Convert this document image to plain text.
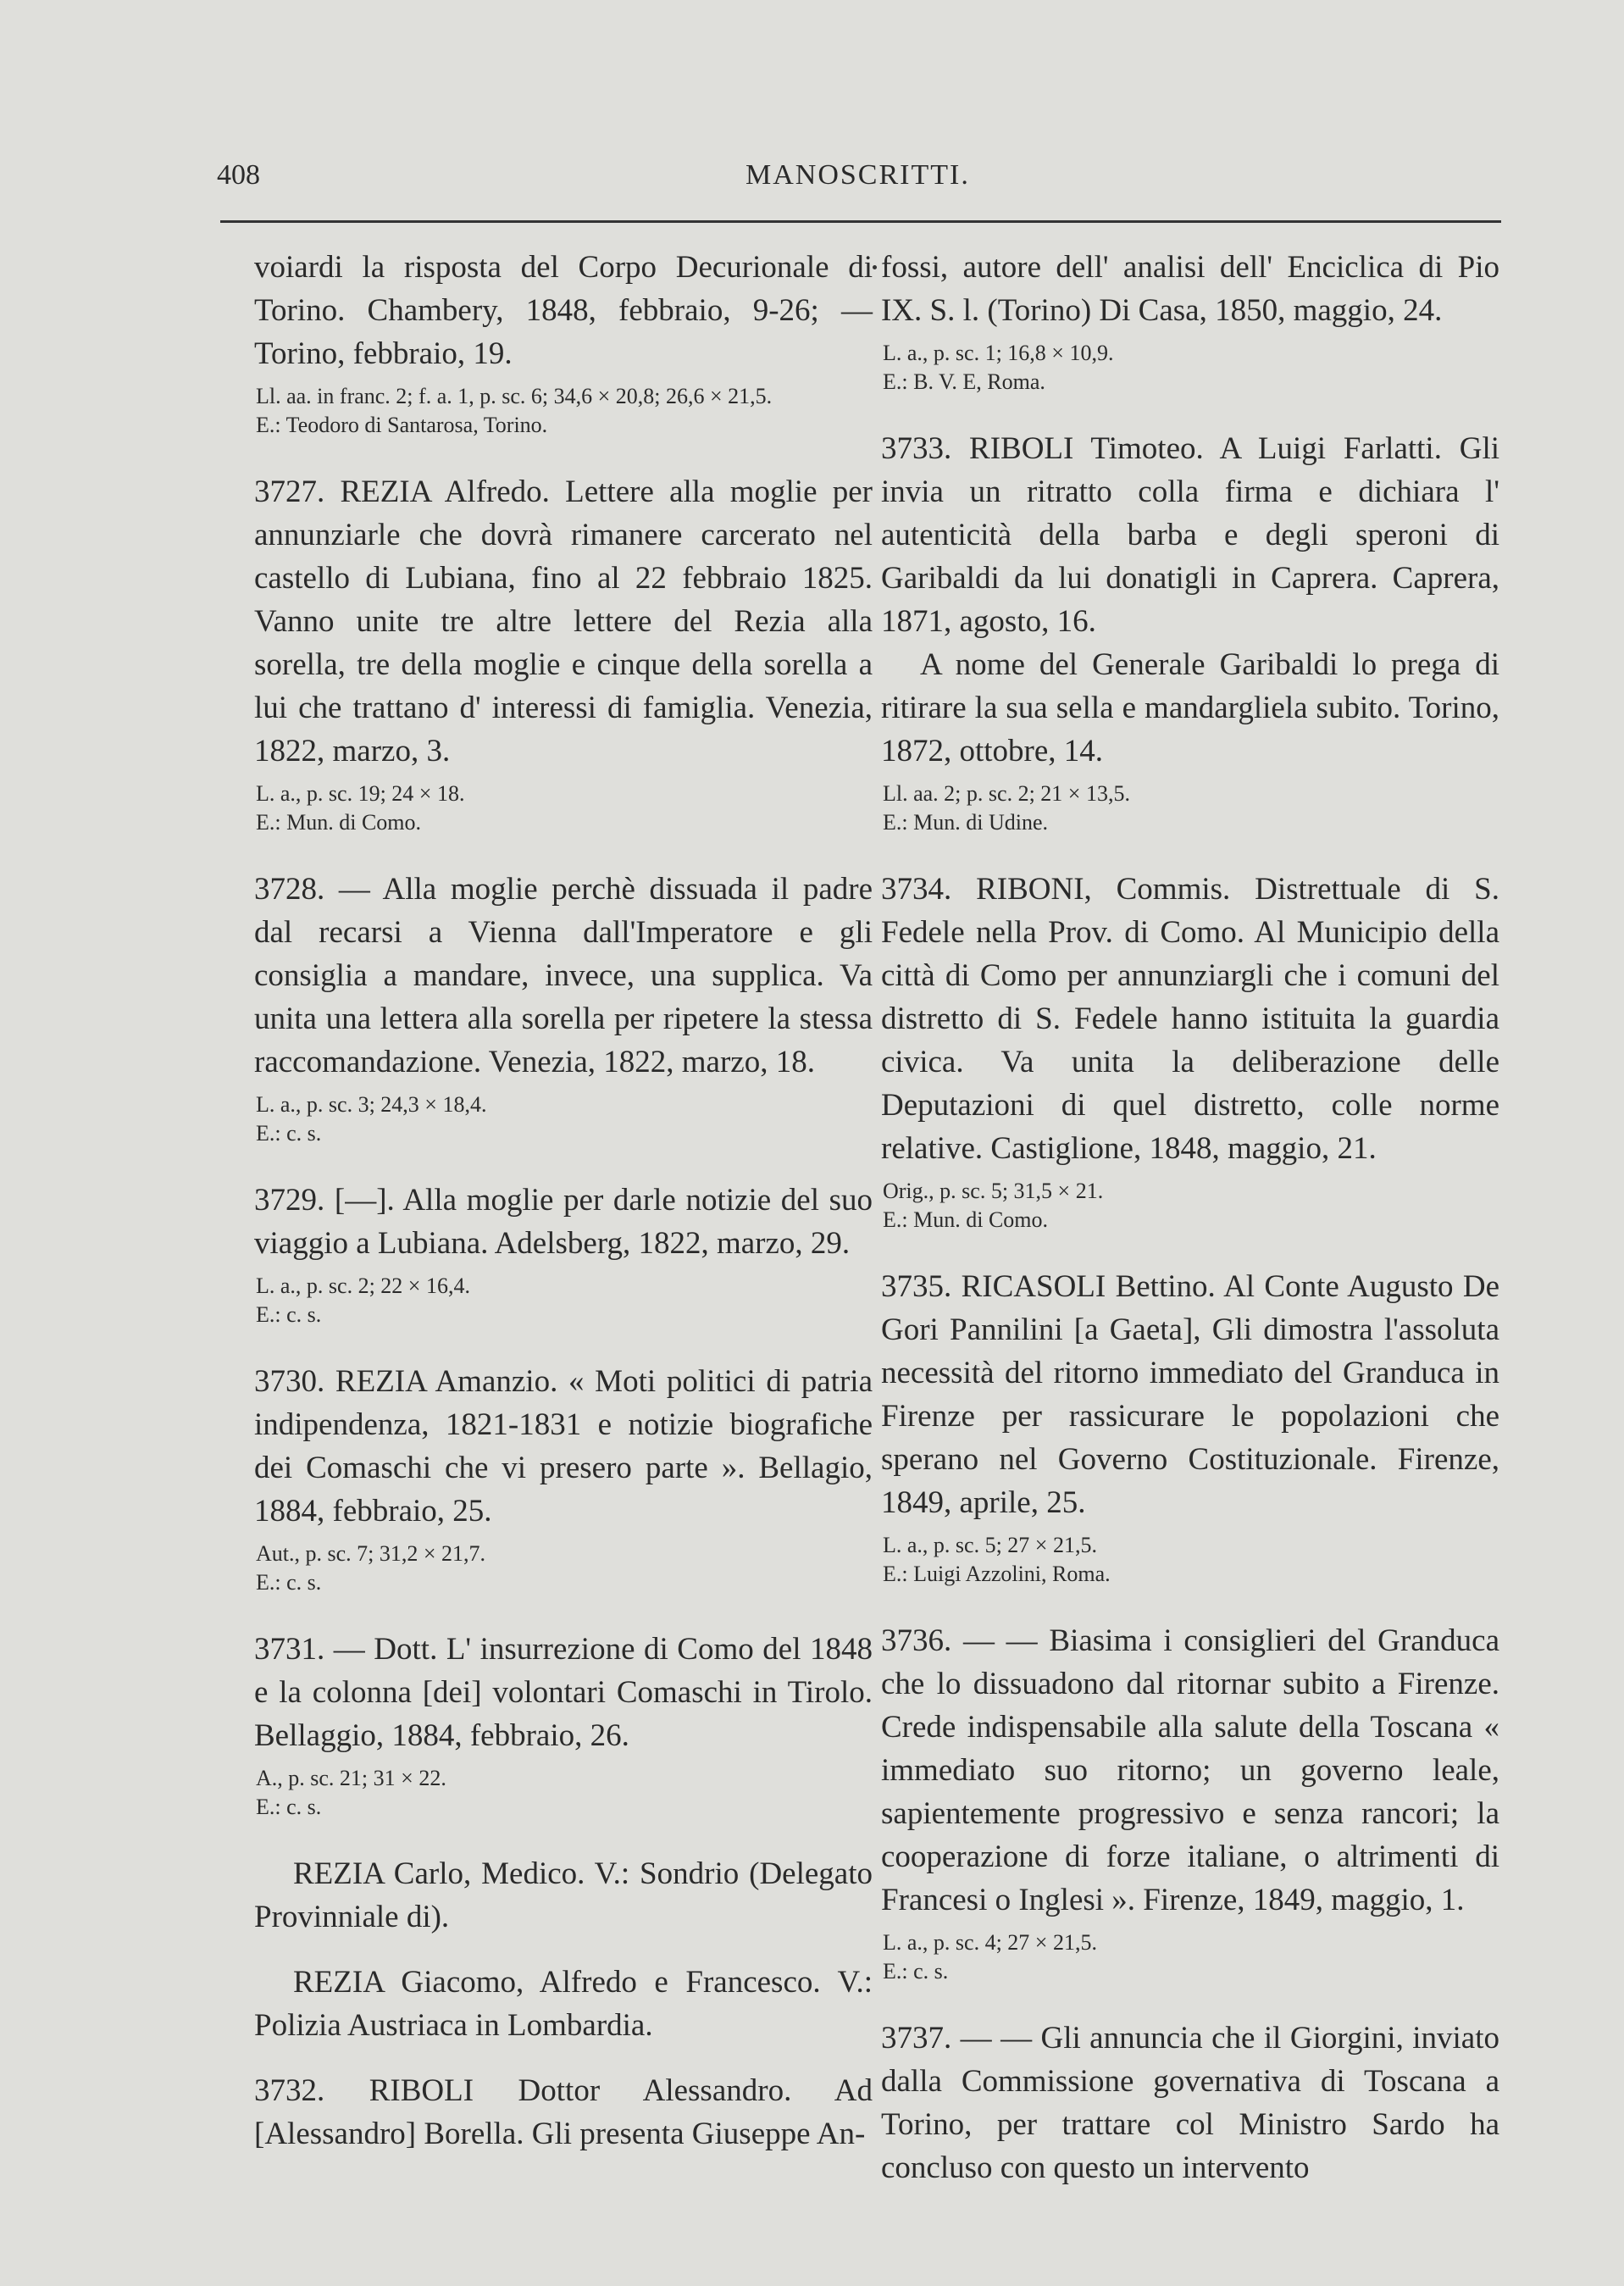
408	MANOSCRITTI.

voiardi la risposta del Corpo Decurionale di Torino. Chambery, 1848, febbraio, 9-26; — Torino, febbraio, 19.

Ll. aa. in franc. 2; f. a. 1, p. sc. 6; 34,6 × 20,8; 26,6 × 21,5.

E.: Teodoro di Santarosa, Torino.

3727. REZIA Alfredo. Lettere alla moglie per annunziarle che dovrà rimanere carcerato nel castello di Lubiana, fino al 22 febbraio 1825. Vanno unite tre altre lettere del Rezia alla sorella, tre della moglie e cinque della sorella a lui che trattano d' interessi di famiglia. Venezia, 1822, marzo, 3.

L. a., p. sc. 19; 24 × 18.

E.: Mun. di Como.

3728. — Alla moglie perchè dissuada il padre dal recarsi a Vienna dall'Imperatore e gli consiglia a mandare, invece, una supplica. Va unita una lettera alla sorella per ripetere la stessa raccomandazione. Venezia, 1822, marzo, 18.

L. a., p. sc. 3; 24,3 × 18,4.

E.: c. s.

3729. [—]. Alla moglie per darle notizie del suo viaggio a Lubiana. Adelsberg, 1822, marzo, 29.

L. a., p. sc. 2; 22 × 16,4.

E.: c. s.

3730. REZIA Amanzio. « Moti politici di patria indipendenza, 1821-1831 e notizie biografiche dei Comaschi che vi presero parte ». Bellagio, 1884, febbraio, 25.

Aut., p. sc. 7; 31,2 × 21,7.

E.: c. s.

3731. — Dott. L' insurrezione di Como del 1848 e la colonna [dei] volontari Comaschi in Tirolo. Bellaggio, 1884, febbraio, 26.

A., p. sc. 21; 31 × 22.

E.: c. s.

REZIA Carlo, Medico. V.: Sondrio (Delegato Provinniale di).

REZIA Giacomo, Alfredo e Francesco. V.: Polizia Austriaca in Lombardia.

3732. RIBOLI Dottor Alessandro. Ad [Alessandro] Borella. Gli presenta Giuseppe An-

fossi, autore dell' analisi dell' Enciclica di Pio IX. S. l. (Torino) Di Casa, 1850, maggio, 24.

L. a., p. sc. 1; 16,8 × 10,9.

E.: B. V. E, Roma.

3733. RIBOLI Timoteo. A Luigi Farlatti. Gli invia un ritratto colla firma e dichiara l' autenticità della barba e degli speroni di Garibaldi da lui donatigli in Caprera. Caprera, 1871, agosto, 16.

A nome del Generale Garibaldi lo prega di ritirare la sua sella e mandargliela subito. Torino, 1872, ottobre, 14.

Ll. aa. 2; p. sc. 2; 21 × 13,5.

E.: Mun. di Udine.

3734. RIBONI, Commis. Distrettuale di S. Fedele nella Prov. di Como. Al Municipio della città di Como per annunziargli che i comuni del distretto di S. Fedele hanno istituita la guardia civica. Va unita la deliberazione delle Deputazioni di quel distretto, colle norme relative. Castiglione, 1848, maggio, 21.

Orig., p. sc. 5; 31,5 × 21.

E.: Mun. di Como.

3735. RICASOLI Bettino. Al Conte Augusto De Gori Pannilini [a Gaeta], Gli dimostra l'assoluta necessità del ritorno immediato del Granduca in Firenze per rassicurare le popolazioni che sperano nel Governo Costituzionale. Firenze, 1849, aprile, 25.

L. a., p. sc. 5; 27 × 21,5.

E.: Luigi Azzolini, Roma.

3736. — — Biasima i consiglieri del Granduca che lo dissuadono dal ritornar subito a Firenze. Crede indispensabile alla salute della Toscana « immediato suo ritorno; un governo leale, sapientemente progressivo e senza rancori; la cooperazione di forze italiane, o altrimenti di Francesi o Inglesi ». Firenze, 1849, maggio, 1.

L. a., p. sc. 4; 27 × 21,5.

E.: c. s.

3737. — — Gli annuncia che il Giorgini, inviato dalla Commissione governativa di Toscana a Torino, per trattare col Ministro Sardo ha concluso con questo un intervento
